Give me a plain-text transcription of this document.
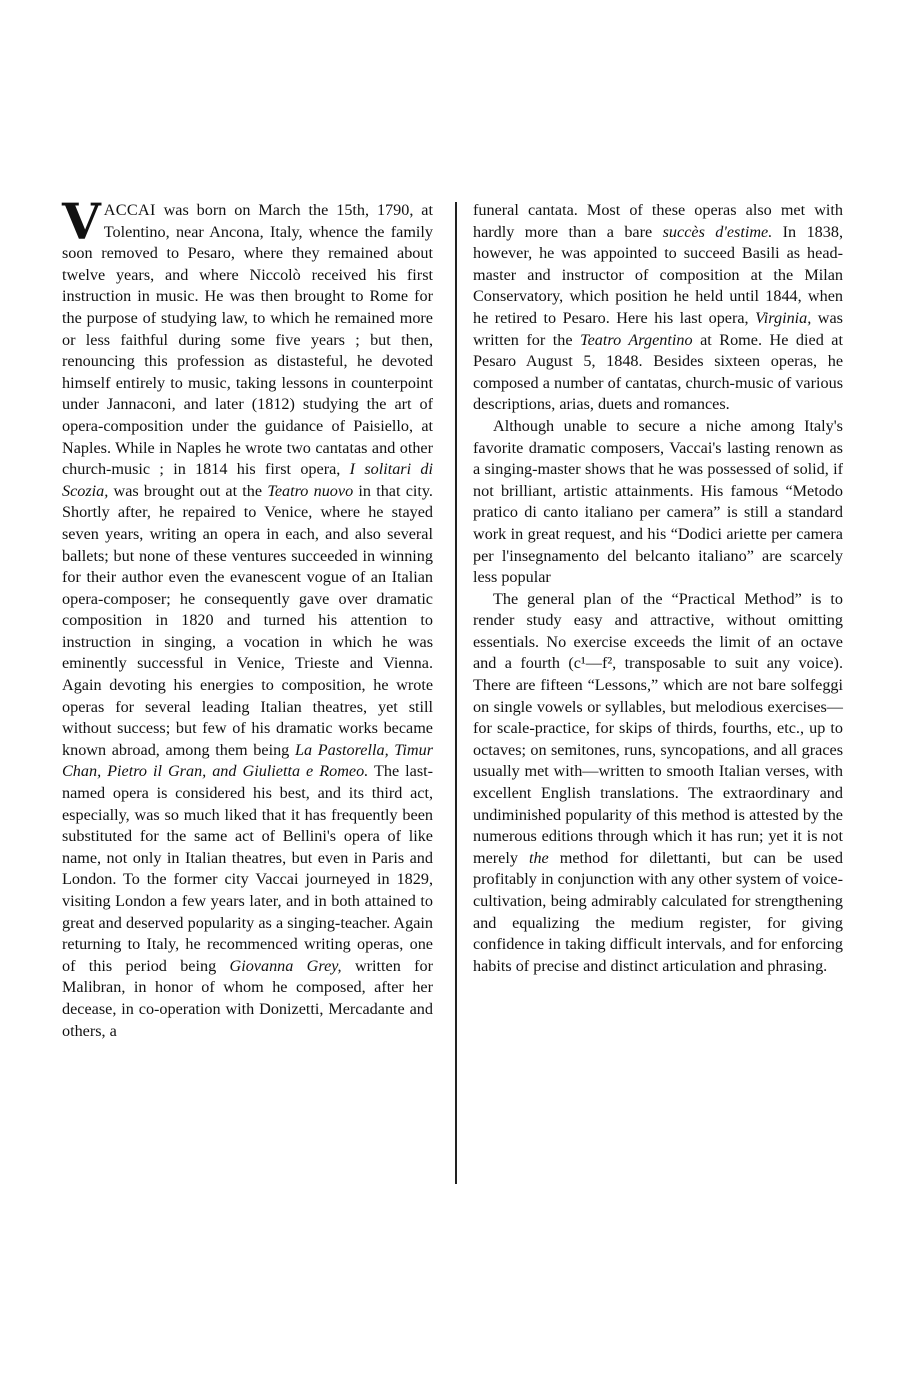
VACCAI was born on March the 15th, 1790, at Tolentino, near Ancona, Italy, whence the family soon removed to Pesaro, where they remained about twelve years, and where Niccolò received his first instruction in music. He was then brought to Rome for the purpose of studying law, to which he remained more or less faithful during some five years ; but then, renouncing this profession as distasteful, he devoted himself entirely to music, taking lessons in counterpoint under Jannaconi, and later (1812) studying the art of opera-composition under the guidance of Paisiello, at Naples. While in Naples he wrote two cantatas and other church-music ; in 1814 his first opera, I solitari di Scozia, was brought out at the Teatro nuovo in that city. Shortly after, he repaired to Venice, where he stayed seven years, writing an opera in each, and also several ballets; but none of these ventures succeeded in winning for their author even the evanescent vogue of an Italian opera-composer; he consequently gave over dramatic composition in 1820 and turned his attention to instruction in singing, a vocation in which he was eminently successful in Venice, Trieste and Vienna. Again devoting his energies to composition, he wrote operas for several leading Italian theatres, yet still without success; but few of his dramatic works became known abroad, among them being La Pastorella, Timur Chan, Pietro il Gran, and Giulietta e Romeo. The last-named opera is considered his best, and its third act, especially, was so much liked that it has frequently been substituted for the same act of Bellini's opera of like name, not only in Italian theatres, but even in Paris and London. To the former city Vaccai journeyed in 1829, visiting London a few years later, and in both attained to great and deserved popularity as a singing-teacher. Again returning to Italy, he recommenced writing operas, one of this period being Giovanna Grey, written for Malibran, in honor of whom he composed, after her decease, in co-operation with Donizetti, Mercadante and others, a

funeral cantata. Most of these operas also met with hardly more than a bare succès d'estime. In 1838, however, he was appointed to succeed Basili as head-master and instructor of composition at the Milan Conservatory, which position he held until 1844, when he retired to Pesaro. Here his last opera, Virginia, was written for the Teatro Argentino at Rome. He died at Pesaro August 5, 1848. Besides sixteen operas, he composed a number of cantatas, church-music of various descriptions, arias, duets and romances.

Although unable to secure a niche among Italy's favorite dramatic composers, Vaccai's lasting renown as a singing-master shows that he was possessed of solid, if not brilliant, artistic attainments. His famous “Metodo pratico di canto italiano per camera” is still a standard work in great request, and his “Dodici ariette per camera per l'insegnamento del belcanto italiano” are scarcely less popular

The general plan of the “Practical Method” is to render study easy and attractive, without omitting essentials. No exercise exceeds the limit of an octave and a fourth (c¹—f², transposable to suit any voice). There are fifteen “Lessons,” which are not bare solfeggi on single vowels or syllables, but melodious exercises—for scale-practice, for skips of thirds, fourths, etc., up to octaves; on semitones, runs, syncopations, and all graces usually met with—written to smooth Italian verses, with excellent English translations. The extraordinary and undiminished popularity of this method is attested by the numerous editions through which it has run; yet it is not merely the method for dilettanti, but can be used profitably in conjunction with any other system of voice-cultivation, being admirably calculated for strengthening and equalizing the medium register, for giving confidence in taking difficult intervals, and for enforcing habits of precise and distinct articulation and phrasing.
